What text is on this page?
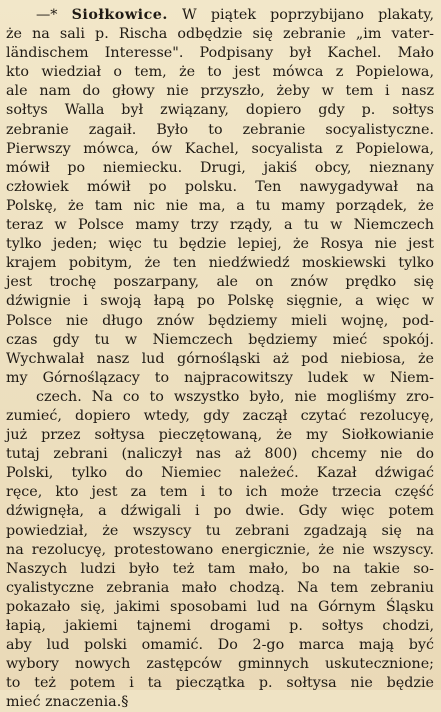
—* Siołkowice. W piątek poprzybijano plakaty,
że na sali p. Rischa odbędzie się zebranie „im vater-
ländischem Interesse". Podpisany był Kachel. Mało
kto wiedział o tem, że to jest mówca z Popielowa,
ale nam do głowy nie przyszło, żeby w tem i nasz
sołtys Walla był związany, dopiero gdy p. sołtys
zebranie zagaił. Było to zebranie socyalistyczne.
Pierwszy mówca, ów Kachel, socyalista z Popielowa,
mówił po niemiecku. Drugi, jakiś obcy, nieznany
człowiek mówił po polsku. Ten nawygadywał na
Polskę, że tam nic nie ma, a tu mamy porządek, że
teraz w Polsce mamy trzy rządy, a tu w Niemczech
tylko jeden; więc tu będzie lepiej, że Rosya nie jest
krajem pobitym, że ten niedźwiedź moskiewski tylko
jest trochę poszarpany, ale on znów prędko się
dźwignie i swoją łapą po Polskę sięgnie, a więc w
Polsce nie długo znów będziemy mieli wojnę, pod-
czas gdy tu w Niemczech będziemy mieć spokój.
Wychwalał nasz lud górnośląski aż pod niebiosa, że
my Górnoślązacy to najpracowitszy ludek w Niem-
czech. Na co to wszystko było, nie mogliśmy zro-
zumieć, dopiero wtedy, gdy zaczął czytać rezolucyę,
już przez sołtysa pieczętowaną, że my Siołkowianie
tutaj zebrani (naliczył nas aż 800) chcemy nie do
Polski, tylko do Niemiec należeć. Kazał dźwigać
ręce, kto jest za tem i to ich może trzecia część
dźwignęła, a dźwigali i po dwie. Gdy więc potem
powiedział, że wszyscy tu zebrani zgadzają się na
na rezolucyę, protestowano energicznie, że nie wszyscy.
Naszych ludzi było też tam mało, bo na takie so-
cyalistyczne zebrania mało chodzą. Na tem zebraniu
pokazało się, jakimi sposobami lud na Górnym Śląsku
łapią, jakiemi tajnemi drogami p. sołtys chodzi,
aby lud polski omamić. Do 2-go marca mają być
wybory nowych zastępców gminnych uskutecznione;
to też potem i ta pieczątka p. sołtysa nie będzie
mieć znaczenia.§
